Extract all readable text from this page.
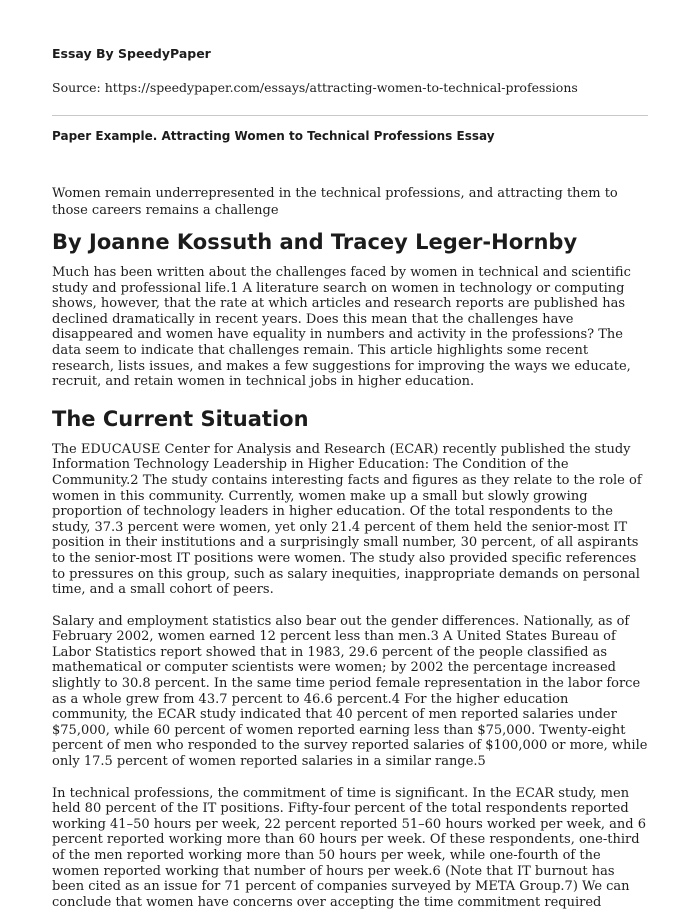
Essay By SpeedyPaper

Source: https://speedypaper.com/essays/attracting-women-to-technical-professions

Paper Example. Attracting Women to Technical Professions Essay

Women remain underrepresented in the technical professions, and attracting them to those careers remains a challenge

By Joanne Kossuth and Tracey Leger-Hornby

Much has been written about the challenges faced by women in technical and scientific study and professional life.1 A literature search on women in technology or computing shows, however, that the rate at which articles and research reports are published has declined dramatically in recent years. Does this mean that the challenges have disappeared and women have equality in numbers and activity in the professions? The data seem to indicate that challenges remain. This article highlights some recent research, lists issues, and makes a few suggestions for improving the ways we educate, recruit, and retain women in technical jobs in higher education.

The Current Situation

The EDUCAUSE Center for Analysis and Research (ECAR) recently published the study Information Technology Leadership in Higher Education: The Condition of the Community.2 The study contains interesting facts and figures as they relate to the role of women in this community. Currently, women make up a small but slowly growing proportion of technology leaders in higher education. Of the total respondents to the study, 37.3 percent were women, yet only 21.4 percent of them held the senior-most IT position in their institutions and a surprisingly small number, 30 percent, of all aspirants to the senior-most IT positions were women. The study also provided specific references to pressures on this group, such as salary inequities, inappropriate demands on personal time, and a small cohort of peers.

Salary and employment statistics also bear out the gender differences. Nationally, as of February 2002, women earned 12 percent less than men.3 A United States Bureau of Labor Statistics report showed that in 1983, 29.6 percent of the people classified as mathematical or computer scientists were women; by 2002 the percentage increased slightly to 30.8 percent. In the same time period female representation in the labor force as a whole grew from 43.7 percent to 46.6 percent.4 For the higher education community, the ECAR study indicated that 40 percent of men reported salaries under $75,000, while 60 percent of women reported earning less than $75,000. Twenty-eight percent of men who responded to the survey reported salaries of $100,000 or more, while only 17.5 percent of women reported salaries in a similar range.5

In technical professions, the commitment of time is significant. In the ECAR study, men held 80 percent of the IT positions. Fifty-four percent of the total respondents reported working 41–50 hours per week, 22 percent reported 51–60 hours worked per week, and 6 percent reported working more than 60 hours per week. Of these respondents, one-third of the men reported working more than 50 hours per week, while one-fourth of the women reported working that number of hours per week.6 (Note that IT burnout has been cited as an issue for 71 percent of companies surveyed by META Group.7) We can conclude that women have concerns over accepting the time commitment required
